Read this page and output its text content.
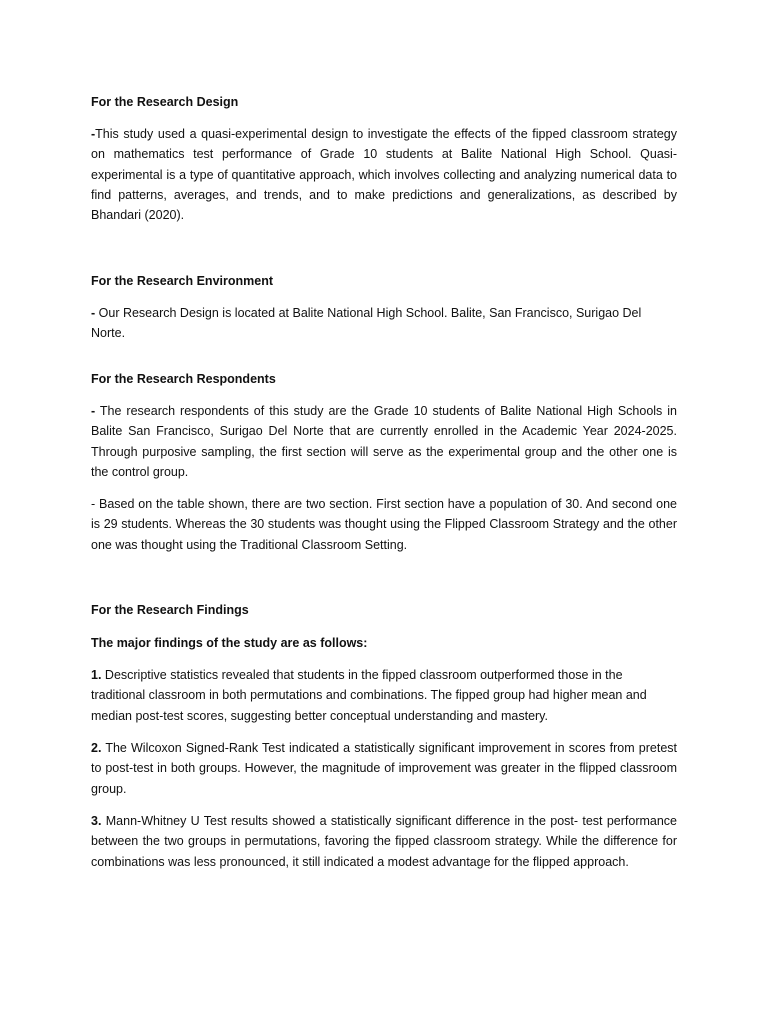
For the Research Design

-This study used a quasi-experimental design to investigate the effects of the fipped classroom strategy on mathematics test performance of Grade 10 students at Balite National High School. Quasi-experimental is a type of quantitative approach, which involves collecting and analyzing numerical data to find patterns, averages, and trends, and to make predictions and generalizations, as described by Bhandari (2020).

For the Research Environment

- Our Research Design is located at Balite National High School. Balite, San Francisco, Surigao Del Norte.

For the Research Respondents

- The research respondents of this study are the Grade 10 students of Balite National High Schools in Balite San Francisco, Surigao Del Norte that are currently enrolled in the Academic Year 2024-2025. Through purposive sampling, the first section will serve as the experimental group and the other one is the control group.

- Based on the table shown, there are two section. First section have a population of 30. And second one is 29 students. Whereas the 30 students was thought using the Flipped Classroom Strategy and the other one was thought using the Traditional Classroom Setting.

For the Research Findings

The major findings of the study are as follows:

1. Descriptive statistics revealed that students in the fipped classroom outperformed those in the traditional classroom in both permutations and combinations. The fipped group had higher mean and median post-test scores, suggesting better conceptual understanding and mastery.

2. The Wilcoxon Signed-Rank Test indicated a statistically significant improvement in scores from pretest to post-test in both groups. However, the magnitude of improvement was greater in the flipped classroom group.

3. Mann-Whitney U Test results showed a statistically significant difference in the post- test performance between the two groups in permutations, favoring the fipped classroom strategy. While the difference for combinations was less pronounced, it still indicated a modest advantage for the flipped approach.
